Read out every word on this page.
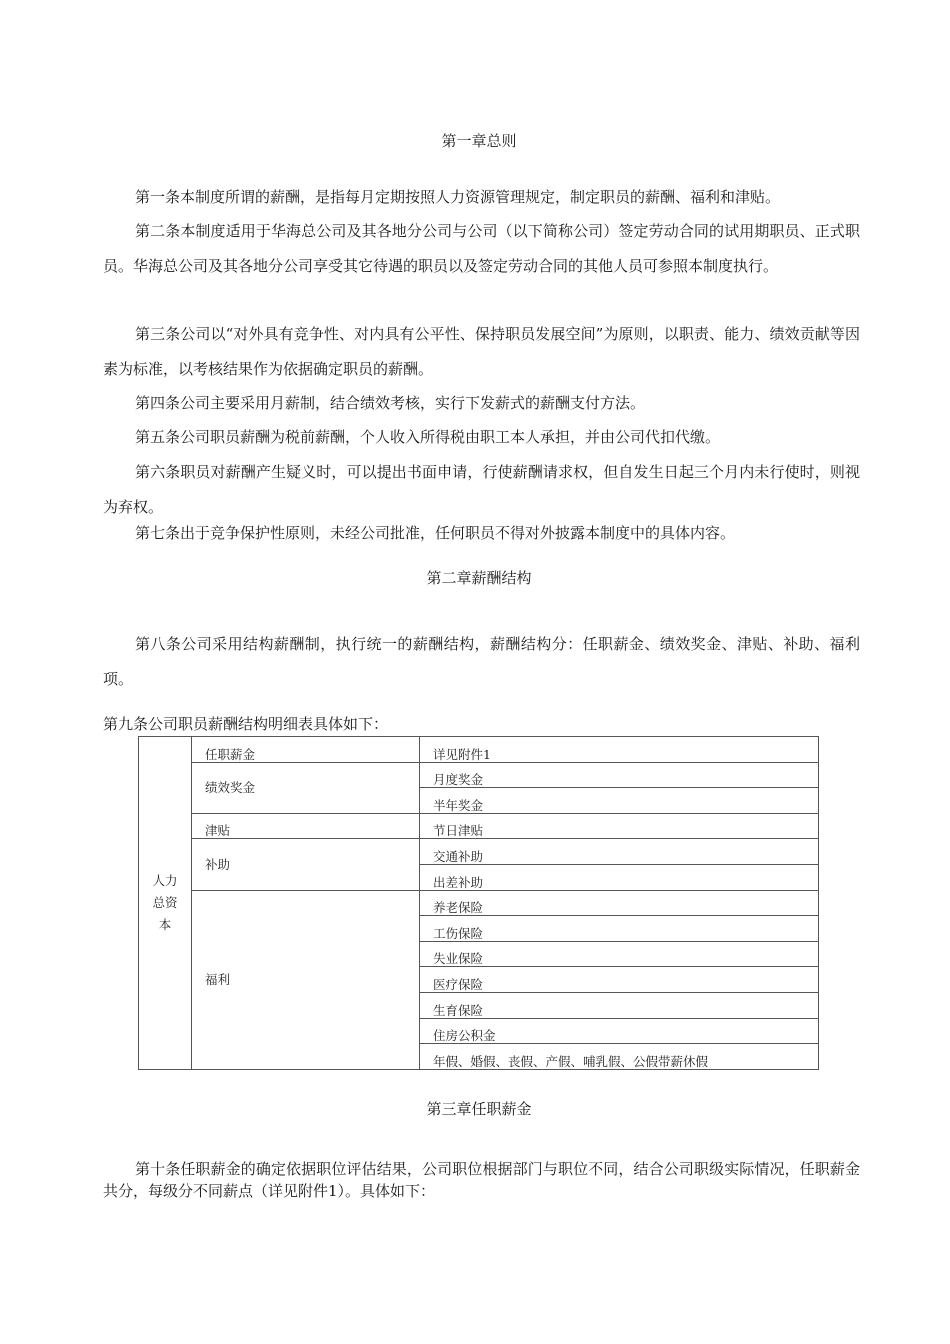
第一章总则

第一条本制度所谓的薪酬，是指每月定期按照人力资源管理规定，制定职员的薪酬、福利和津贴。

第二条本制度适用于华海总公司及其各地分公司与公司（以下简称公司）签定劳动合同的试用期职员、正式职员。华海总公司及其各地分公司享受其它待遇的职员以及签定劳动合同的其他人员可参照本制度执行。

第三条公司以“对外具有竞争性、对内具有公平性、保持职员发展空间”为原则，以职责、能力、绩效贡献等因素为标准，以考核结果作为依据确定职员的薪酬。

第四条公司主要采用月薪制，结合绩效考核，实行下发薪式的薪酬支付方法。

第五条公司职员薪酬为税前薪酬，个人收入所得税由职工本人承担，并由公司代扣代缴。

第六条职员对薪酬产生疑义时，可以提出书面申请，行使薪酬请求权，但自发生日起三个月内未行使时，则视为弃权。

第七条出于竞争保护性原则，未经公司批准，任何职员不得对外披露本制度中的具体内容。

第二章薪酬结构

第八条公司采用结构薪酬制，执行统一的薪酬结构，薪酬结构分：任职薪金、绩效奖金、津贴、补助、福利项。

第九条公司职员薪酬结构明细表具体如下：

人力总资本	任职薪金	详见附件1
	绩效奖金	月度奖金
		半年奖金
	津贴	节日津贴
	补助	交通补助
		出差补助
	福利	养老保险
		工伤保险
		失业保险
		医疗保险
		生育保险
		住房公积金
		年假、婚假、丧假、产假、哺乳假、公假带薪休假
第三章任职薪金

第十条任职薪金的确定依据职位评估结果，公司职位根据部门与职位不同，结合公司职级实际情况，任职薪金共分，每级分不同薪点（详见附件1）。具体如下：
